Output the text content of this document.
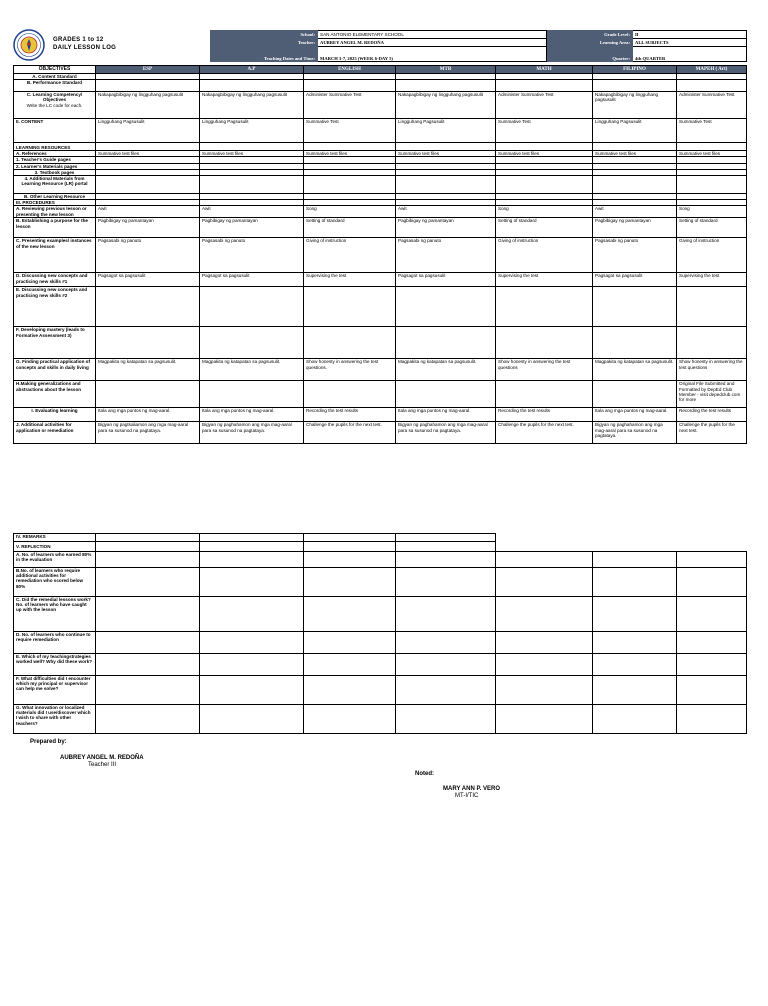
GRADES 1 to 12
DAILY LESSON LOG
School:	SAN ANTONIO ELEMENTARY SCHOOL	Grade Level:	II
Teacher:	AUBREY ANGEL M. REDOÑA	Learning Area:	ALL SUBJECTS
Teaching Dates and Time:	MARCH 3-7, 2025 (WEEK 6-DAY 5)	Quarter:	4th QUARTER
OBJECTIVES	ESP	A.P	ENGLISH	MTB	MATH	FILIPINO	MAPEH ( Art)
A. Content Standard							
B. Performance Standard							
C. Learning Competency/ Objectives
Write the LC code for each.	Nakapagbibigay ng lingguhang pagsusulit	Nakapagbibigay ng lingguhang pagsusulit	Administer Summative Test	Nakapagbibigay ng lingguhang pagsusulit	Administer Summative Test	Nakapagbibigay ng lingguhang pagsusulit	Administer Summative Test
II. CONTENT	Lingguhang Pagsusulit	Lingguhang Pagsusulit	Summative Test	Lingguhang Pagsusulit	Summative Test	Lingguhang Pagsusulit	Summative Test
LEARNING RESOURCES							
A. References	Summative test files	Summative test files	Summative test files	Summative test files	Summative test files	Summative test files	Summative test files
1. Teacher's Guide pages							
2. Learner's Materials pages							
3. Textbook pages							
4. Additional Materials from Learning Resource (LR) portal							
B. Other Learning Resource							
III. PROCEDURES							
A. Reviewing previous lesson or presenting the new lesson	Awit	Awit	Song	Awit	Song	Awit	Song
B. Establishing a purpose for the lesson	Pagbibigay ng pamantayan	Pagbibigay ng pamantayan	Setting of standard	Pagbibigay ng pamantayan	Setting of standard	Pagbibigay ng pamantayan	Setting of standard
C. Presenting examples/ instances of the new lesson	Pagsasabi ng panuto	Pagsasabi ng panuto	Giving of instruction	Pagsasabi ng panuto	Giving of instruction	Pagsasabi ng panuto	Giving of instruction
D. Discussing new concepts and practicing new skills #1	Pagsagot sa pagsusulit	Pagsagot sa pagsusulit	Supervising the test	Pagsagot sa pagsusulit	Supervising the test	Pagsagot sa pagsusulit	Supervising the test
E. Discussing new concepts and practicing new skills #2							
F. Developing mastery (leads to Formative Assessment 3)							
G. Finding practical application of concepts and skills in daily living	Magpakita ng katapatan sa pagsusulit.	Magpakita ng katapatan sa pagsusulit.	Show honesty in answering the test questions.	Magpakita ng katapatan sa pagsusulit.	Show honesty in answering the test questions	Magpakita ng katapatan sa pagsusulit.	Show honesty in answering the test questions
H.Making generalizations and abstractions about the lesson							Original File Submitted and Formatted by DepEd Club Member - visit depedclub.com for more
I. Evaluating learning	Itala ang mga puntos ng mag-aaral.	Itala ang mga puntos ng mag-aaral.	Recording the test results	Itala ang mga puntos ng mag-aaral.	Recording the test results	Itala ang mga puntos ng mag-aaral.	Recording the test results
J. Additional activities for application or remediation	Bigyan ng pagtsaliamon ang mga mag-aaral para sa susunod na pagtataya.	Bigyan ng paghahamon ang mga mag-aaral para sa susunod na pagtataya.	Challenge the pupils for the next test.	Bigyan ng paghahamon ang mga mag-aaral para sa susunod na pagtataya.	Challenge the pupils for the next test.	Bigyan ng paghahamon ang mga mag-aaral para sa susunod na pagtataya.	Challenge the pupils for the next test.
IV. REMARKS							
V. REFLECTION							
A. No. of learners who earned 80% in the evaluation							
B.No. of learners who require additional activities for remediation who scored below 80%							
C. Did the remedial lessons work? No. of learners who have caught up with the lesson							
D. No. of learners who continue to require remediation							
E. Which of my teachingstrategies worked well? Why did these work?							
F. What difficulties did I encounter which my principal or supervisor can help me solve?							
G. What innovation or localized materials did I use/discover which I wish to share with other teachers?							
Prepared by:
AUBREY ANGEL M. REDOÑA
Teacher III
Noted:
MARY ANN P. VERO
MT-I/TIC
